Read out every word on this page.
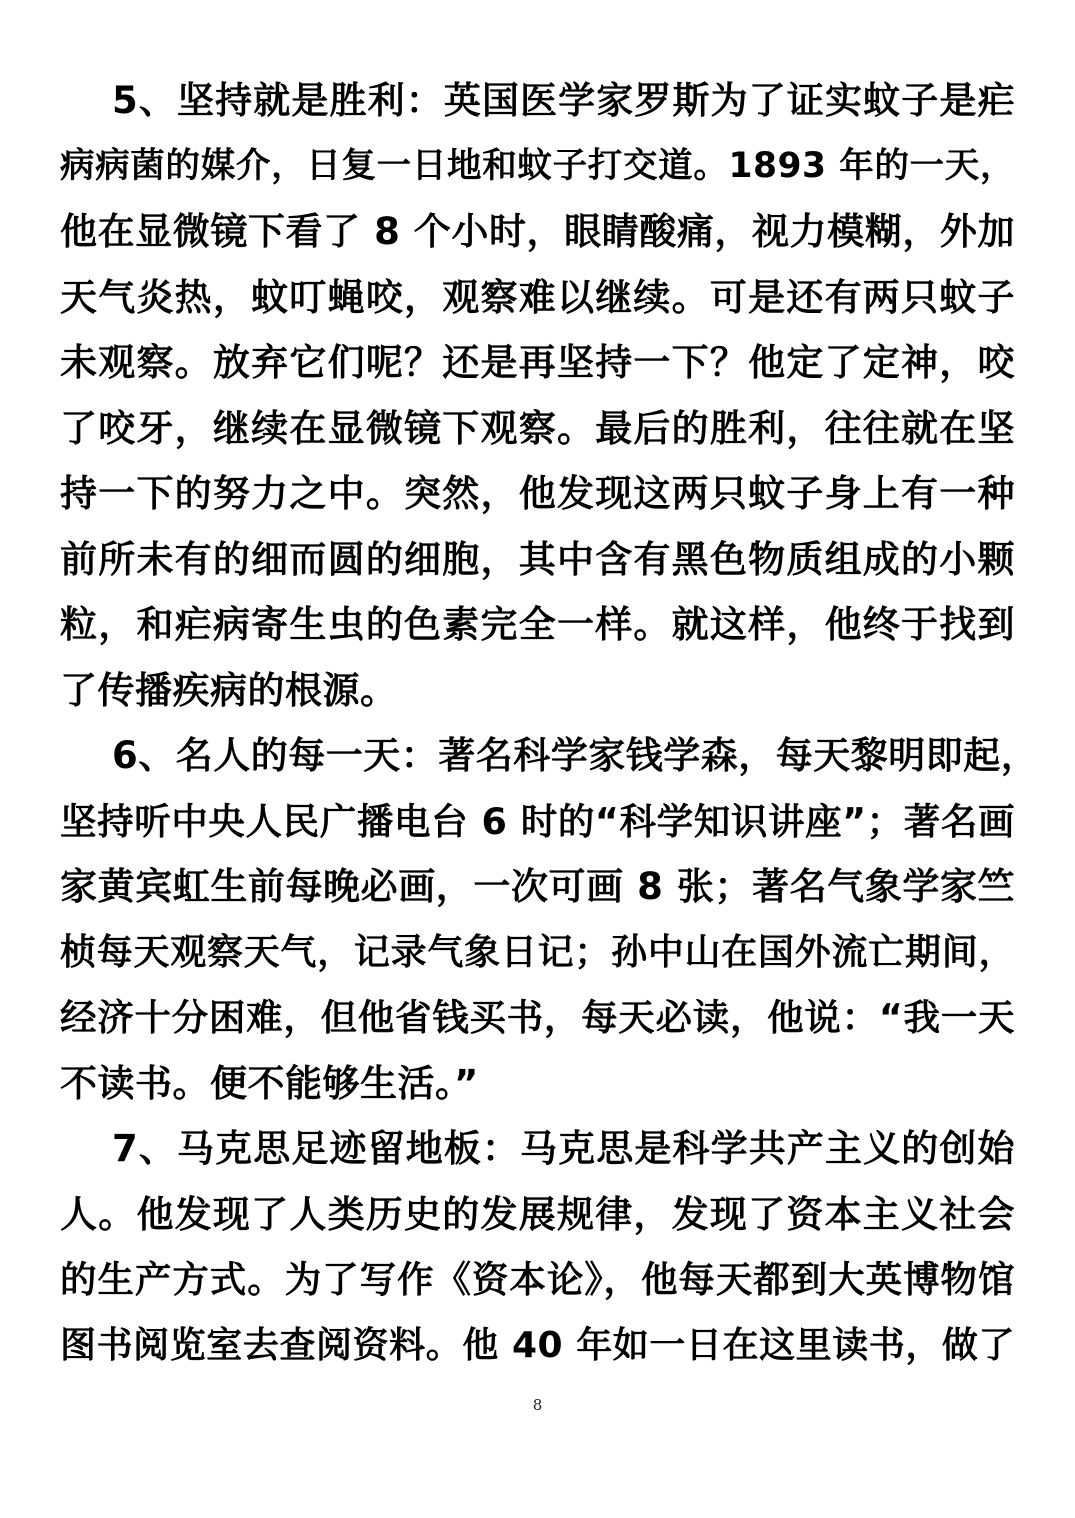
5、坚持就是胜利：英国医学家罗斯为了证实蚊子是疟
病病菌的媒介，日复一日地和蚊子打交道。1893 年的一天，
他在显微镜下看了 8 个小时，眼睛酸痛，视力模糊，外加
天气炎热，蚊叮蝇咬，观察难以继续。可是还有两只蚊子
未观察。放弃它们呢？还是再坚持一下？他定了定神，咬
了咬牙，继续在显微镜下观察。最后的胜利，往往就在坚
持一下的努力之中。突然，他发现这两只蚊子身上有一种
前所未有的细而圆的细胞，其中含有黑色物质组成的小颗
粒，和疟病寄生虫的色素完全一样。就这样，他终于找到
了传播疾病的根源。
6、名人的每一天：著名科学家钱学森，每天黎明即起，
坚持听中央人民广播电台 6 时的“科学知识讲座”；著名画
家黄宾虹生前每晚必画，一次可画 8 张；著名气象学家竺
桢每天观察天气，记录气象日记；孙中山在国外流亡期间，
经济十分困难，但他省钱买书，每天必读，他说：“我一天
不读书。便不能够生活。”
7、马克思足迹留地板：马克思是科学共产主义的创始
人。他发现了人类历史的发展规律，发现了资本主义社会
的生产方式。为了写作《资本论》，他每天都到大英博物馆
图书阅览室去查阅资料。他 40 年如一日在这里读书，做了
8
